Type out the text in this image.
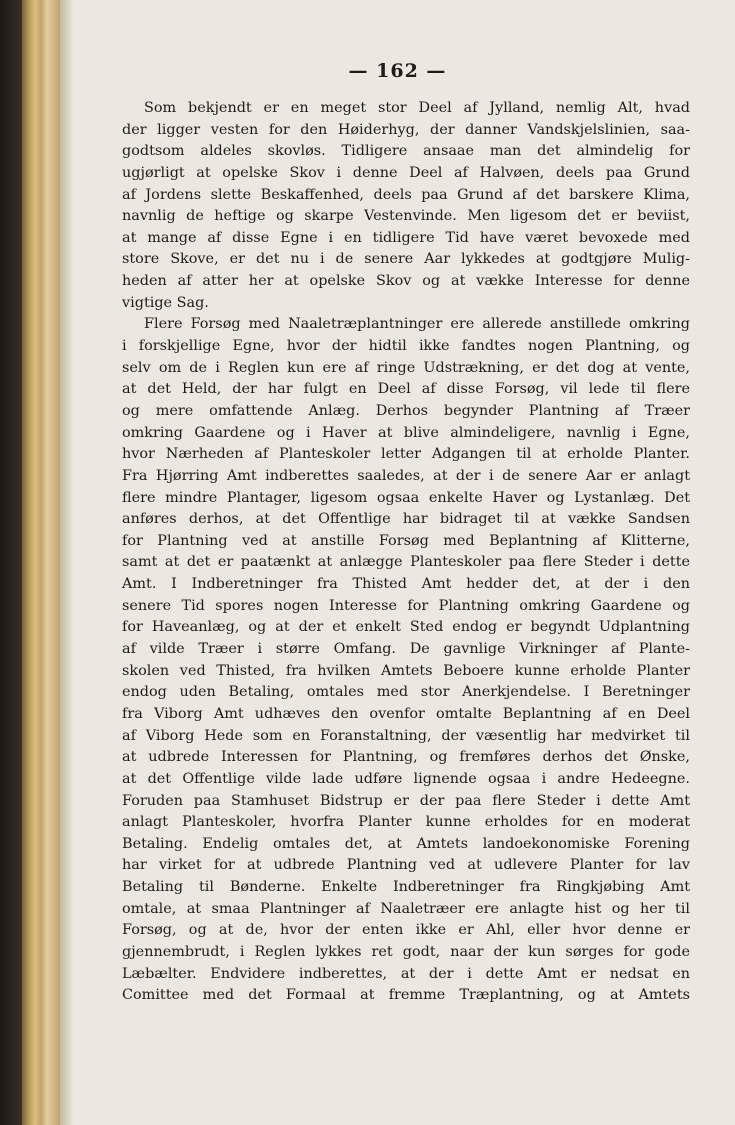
— 162 —
Som bekjendt er en meget stor Deel af Jylland, nemlig Alt, hvad
der ligger vesten for den Høiderhyg, der danner Vandskjelslinien, saa-
godtsom aldeles skovløs. Tidligere ansaae man det almindelig for
ugjørligt at opelske Skov i denne Deel af Halvøen, deels paa Grund
af Jordens slette Beskaffenhed, deels paa Grund af det barskere Klima,
navnlig de heftige og skarpe Vestenvinde. Men ligesom det er beviist,
at mange af disse Egne i en tidligere Tid have været bevoxede med
store Skove, er det nu i de senere Aar lykkedes at godtgjøre Mulig-
heden af atter her at opelske Skov og at vække Interesse for denne
vigtige Sag.
Flere Forsøg med Naaletræplantninger ere allerede anstillede omkring
i forskjellige Egne, hvor der hidtil ikke fandtes nogen Plantning, og
selv om de i Reglen kun ere af ringe Udstrækning, er det dog at vente,
at det Held, der har fulgt en Deel af disse Forsøg, vil lede til flere
og mere omfattende Anlæg. Derhos begynder Plantning af Træer
omkring Gaardene og i Haver at blive almindeligere, navnlig i Egne,
hvor Nærheden af Planteskoler letter Adgangen til at erholde Planter.
Fra Hjørring Amt indberettes saaledes, at der i de senere Aar er anlagt
flere mindre Plantager, ligesom ogsaa enkelte Haver og Lystanlæg. Det
anføres derhos, at det Offentlige har bidraget til at vække Sandsen
for Plantning ved at anstille Forsøg med Beplantning af Klitterne,
samt at det er paatænkt at anlægge Planteskoler paa flere Steder i dette
Amt. I Indberetninger fra Thisted Amt hedder det, at der i den
senere Tid spores nogen Interesse for Plantning omkring Gaardene og
for Haveanlæg, og at der et enkelt Sted endog er begyndt Udplantning
af vilde Træer i større Omfang. De gavnlige Virkninger af Plante-
skolen ved Thisted, fra hvilken Amtets Beboere kunne erholde Planter
endog uden Betaling, omtales med stor Anerkjendelse. I Beretninger
fra Viborg Amt udhæves den ovenfor omtalte Beplantning af en Deel
af Viborg Hede som en Foranstaltning, der væsentlig har medvirket til
at udbrede Interessen for Plantning, og fremføres derhos det Ønske,
at det Offentlige vilde lade udføre lignende ogsaa i andre Hedeegne.
Foruden paa Stamhuset Bidstrup er der paa flere Steder i dette Amt
anlagt Planteskoler, hvorfra Planter kunne erholdes for en moderat
Betaling. Endelig omtales det, at Amtets landoekonomiske Forening
har virket for at udbrede Plantning ved at udlevere Planter for lav
Betaling til Bønderne. Enkelte Indberetninger fra Ringkjøbing Amt
omtale, at smaa Plantninger af Naaletræer ere anlagte hist og her til
Forsøg, og at de, hvor der enten ikke er Ahl, eller hvor denne er
gjennembrudt, i Reglen lykkes ret godt, naar der kun sørges for gode
Læbælter. Endvidere indberettes, at der i dette Amt er nedsat en
Comittee med det Formaal at fremme Træplantning, og at Amtets
